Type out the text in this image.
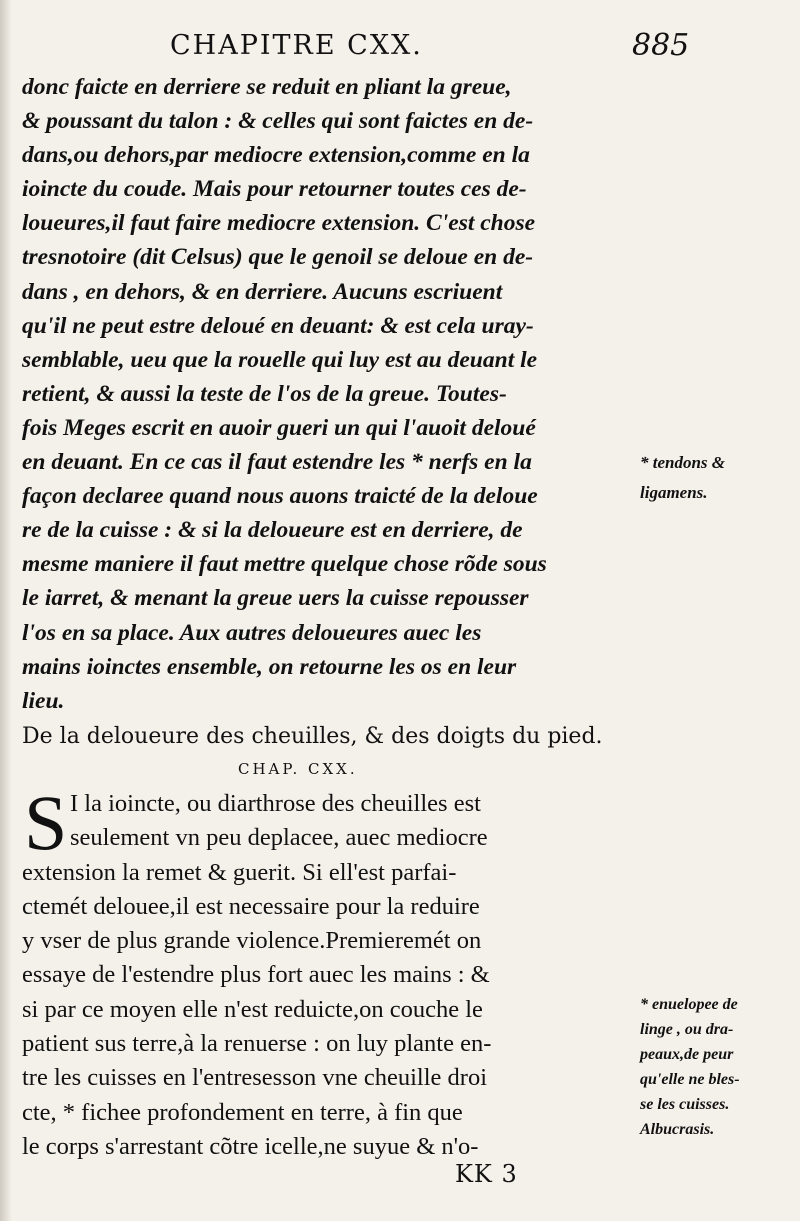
CHAPITRE CXX.	885
donc faicte en derriere se reduit en pliant la greue,
& poussant du talon : & celles qui sont faictes en de-
dans,ou dehors,par mediocre extension,comme en la
ioincte du coude. Mais pour retourner toutes ces de-
loueures,il faut faire mediocre extension. C'est chose
tresnotoire (dit Celsus) que le genoil se deloue en de-
dans , en dehors, & en derriere. Aucuns escriuent
qu'il ne peut estre deloué en deuant: & est cela uray-
semblable, ueu que la rouelle qui luy est au deuant le
retient, & aussi la teste de l'os de la greue. Toutes-
fois Meges escrit en auoir gueri un qui l'auoit deloué
en deuant. En ce cas il faut estendre les * nerfs en la
façon declaree quand nous auons traicté de la deloue
re de la cuisse : & si la deloueure est en derriere, de
mesme maniere il faut mettre quelque chose rõde sous
le iarret, & menant la greue uers la cuisse repousser
l'os en sa place. Aux autres deloueures auec les
mains ioinctes ensemble, on retourne les os en leur
lieu.
De la deloueure des cheuilles, & des doigts du pied.
CHAP. CXX.
S I la ioincte, ou diarthrose des cheuilles est
seulement vn peu deplacee, auec mediocre
extension la remet & guerit. Si ell'est parfai-
ctemét delouee,il est necessaire pour la reduire
y vser de plus grande violence.Premieremét on
essaye de l'estendre plus fort auec les mains : &
si par ce moyen elle n'est reduicte,on couche le
patient sus terre,à la renuerse : on luy plante en-
tre les cuisses en l'entresesson vne cheuille droi
cte, * fichee profondement en terre, à fin que
le corps s'arrestant cõtre icelle,ne suyue & n'o-
* tendons &
ligamens.
* enuelopee de
linge , ou dra-
peaux,de peur
qu'elle ne bles-
se les cuisses.
Albucrasis.
KK 3
